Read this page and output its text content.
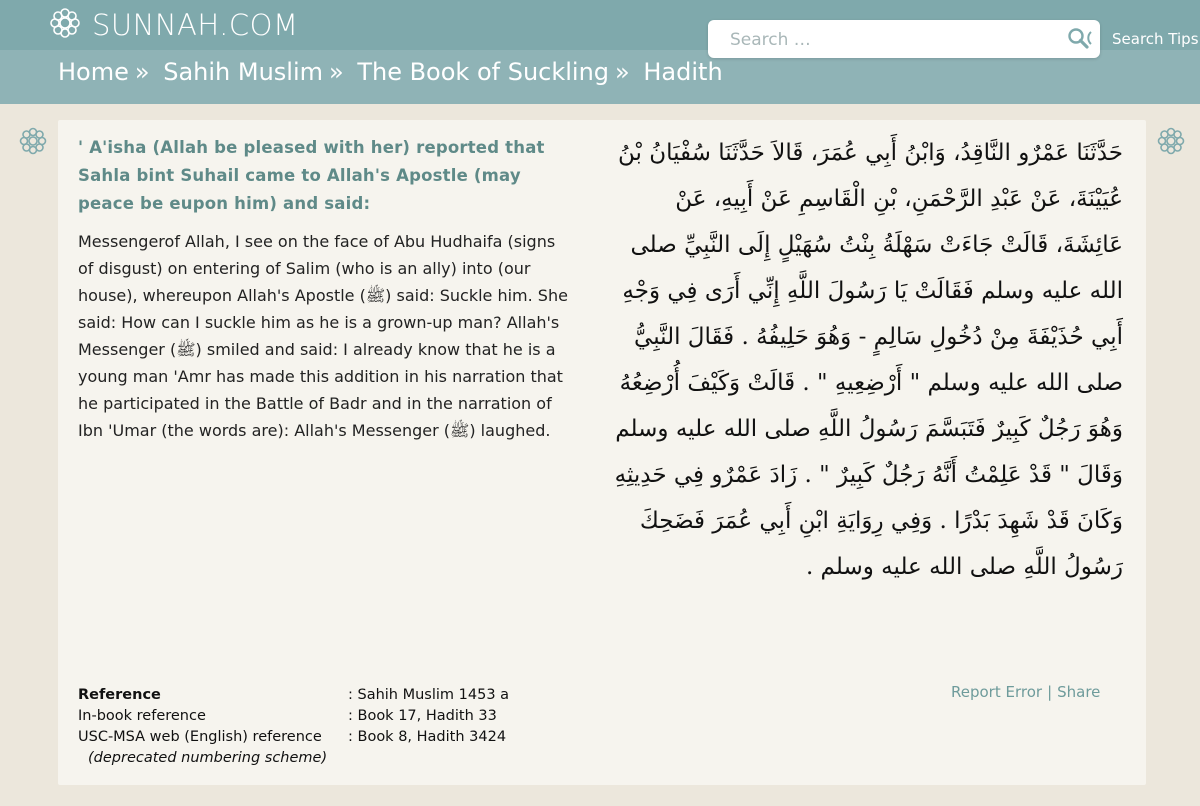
SUNNAH.COM
Search …	Search Tips
Home » Sahih Muslim » The Book of Suckling » Hadith
' A'isha (Allah be pleased with her) reported that Sahla bint Suhail came to Allah's Apostle (may peace be eupon him) and said:
Messengerof Allah, I see on the face of Abu Hudhaifa (signs of disgust) on entering of Salim (who is an ally) into (our house), whereupon Allah's Apostle (ﷺ) said: Suckle him. She said: How can I suckle him as he is a grown-up man? Allah's Messenger (ﷺ) smiled and said: I already know that he is a young man 'Amr has made this addition in his narration that he participated in the Battle of Badr and in the narration of Ibn 'Umar (the words are): Allah's Messenger (ﷺ) laughed.
حَدَّثَنَا عَمْرٌو النَّاقِدُ، وَابْنُ أَبِي عُمَرَ، قَالاَ حَدَّثَنَا سُفْيَانُ بْنُ عُيَيْنَةَ، عَنْ عَبْدِ الرَّحْمَنِ، بْنِ الْقَاسِمِ عَنْ أَبِيهِ، عَنْ عَائِشَةَ، قَالَتْ جَاءَتْ سَهْلَةُ بِنْتُ سُهَيْلٍ إِلَى النَّبِيِّ صلى الله عليه وسلم فَقَالَتْ يَا رَسُولَ اللَّهِ إِنِّي أَرَى فِي وَجْهِ أَبِي حُذَيْفَةَ مِنْ دُخُولِ سَالِمٍ - وَهُوَ حَلِيفُهُ . فَقَالَ النَّبِيُّ صلى الله عليه وسلم " أَرْضِعِيهِ " . قَالَتْ وَكَيْفَ أُرْضِعُهُ وَهُوَ رَجُلٌ كَبِيرٌ فَتَبَسَّمَ رَسُولُ اللَّهِ صلى الله عليه وسلم وَقَالَ " قَدْ عَلِمْتُ أَنَّهُ رَجُلٌ كَبِيرٌ " . زَادَ عَمْرٌو فِي حَدِيثِهِ وَكَانَ قَدْ شَهِدَ بَدْرًا . وَفِي رِوَايَةِ ابْنِ أَبِي عُمَرَ فَضَحِكَ رَسُولُ اللَّهِ صلى الله عليه وسلم .
Reference	: Sahih Muslim 1453 a
In-book reference	: Book 17, Hadith 33
USC-MSA web (English) reference	: Book 8, Hadith 3424
(deprecated numbering scheme)
Report Error | Share
